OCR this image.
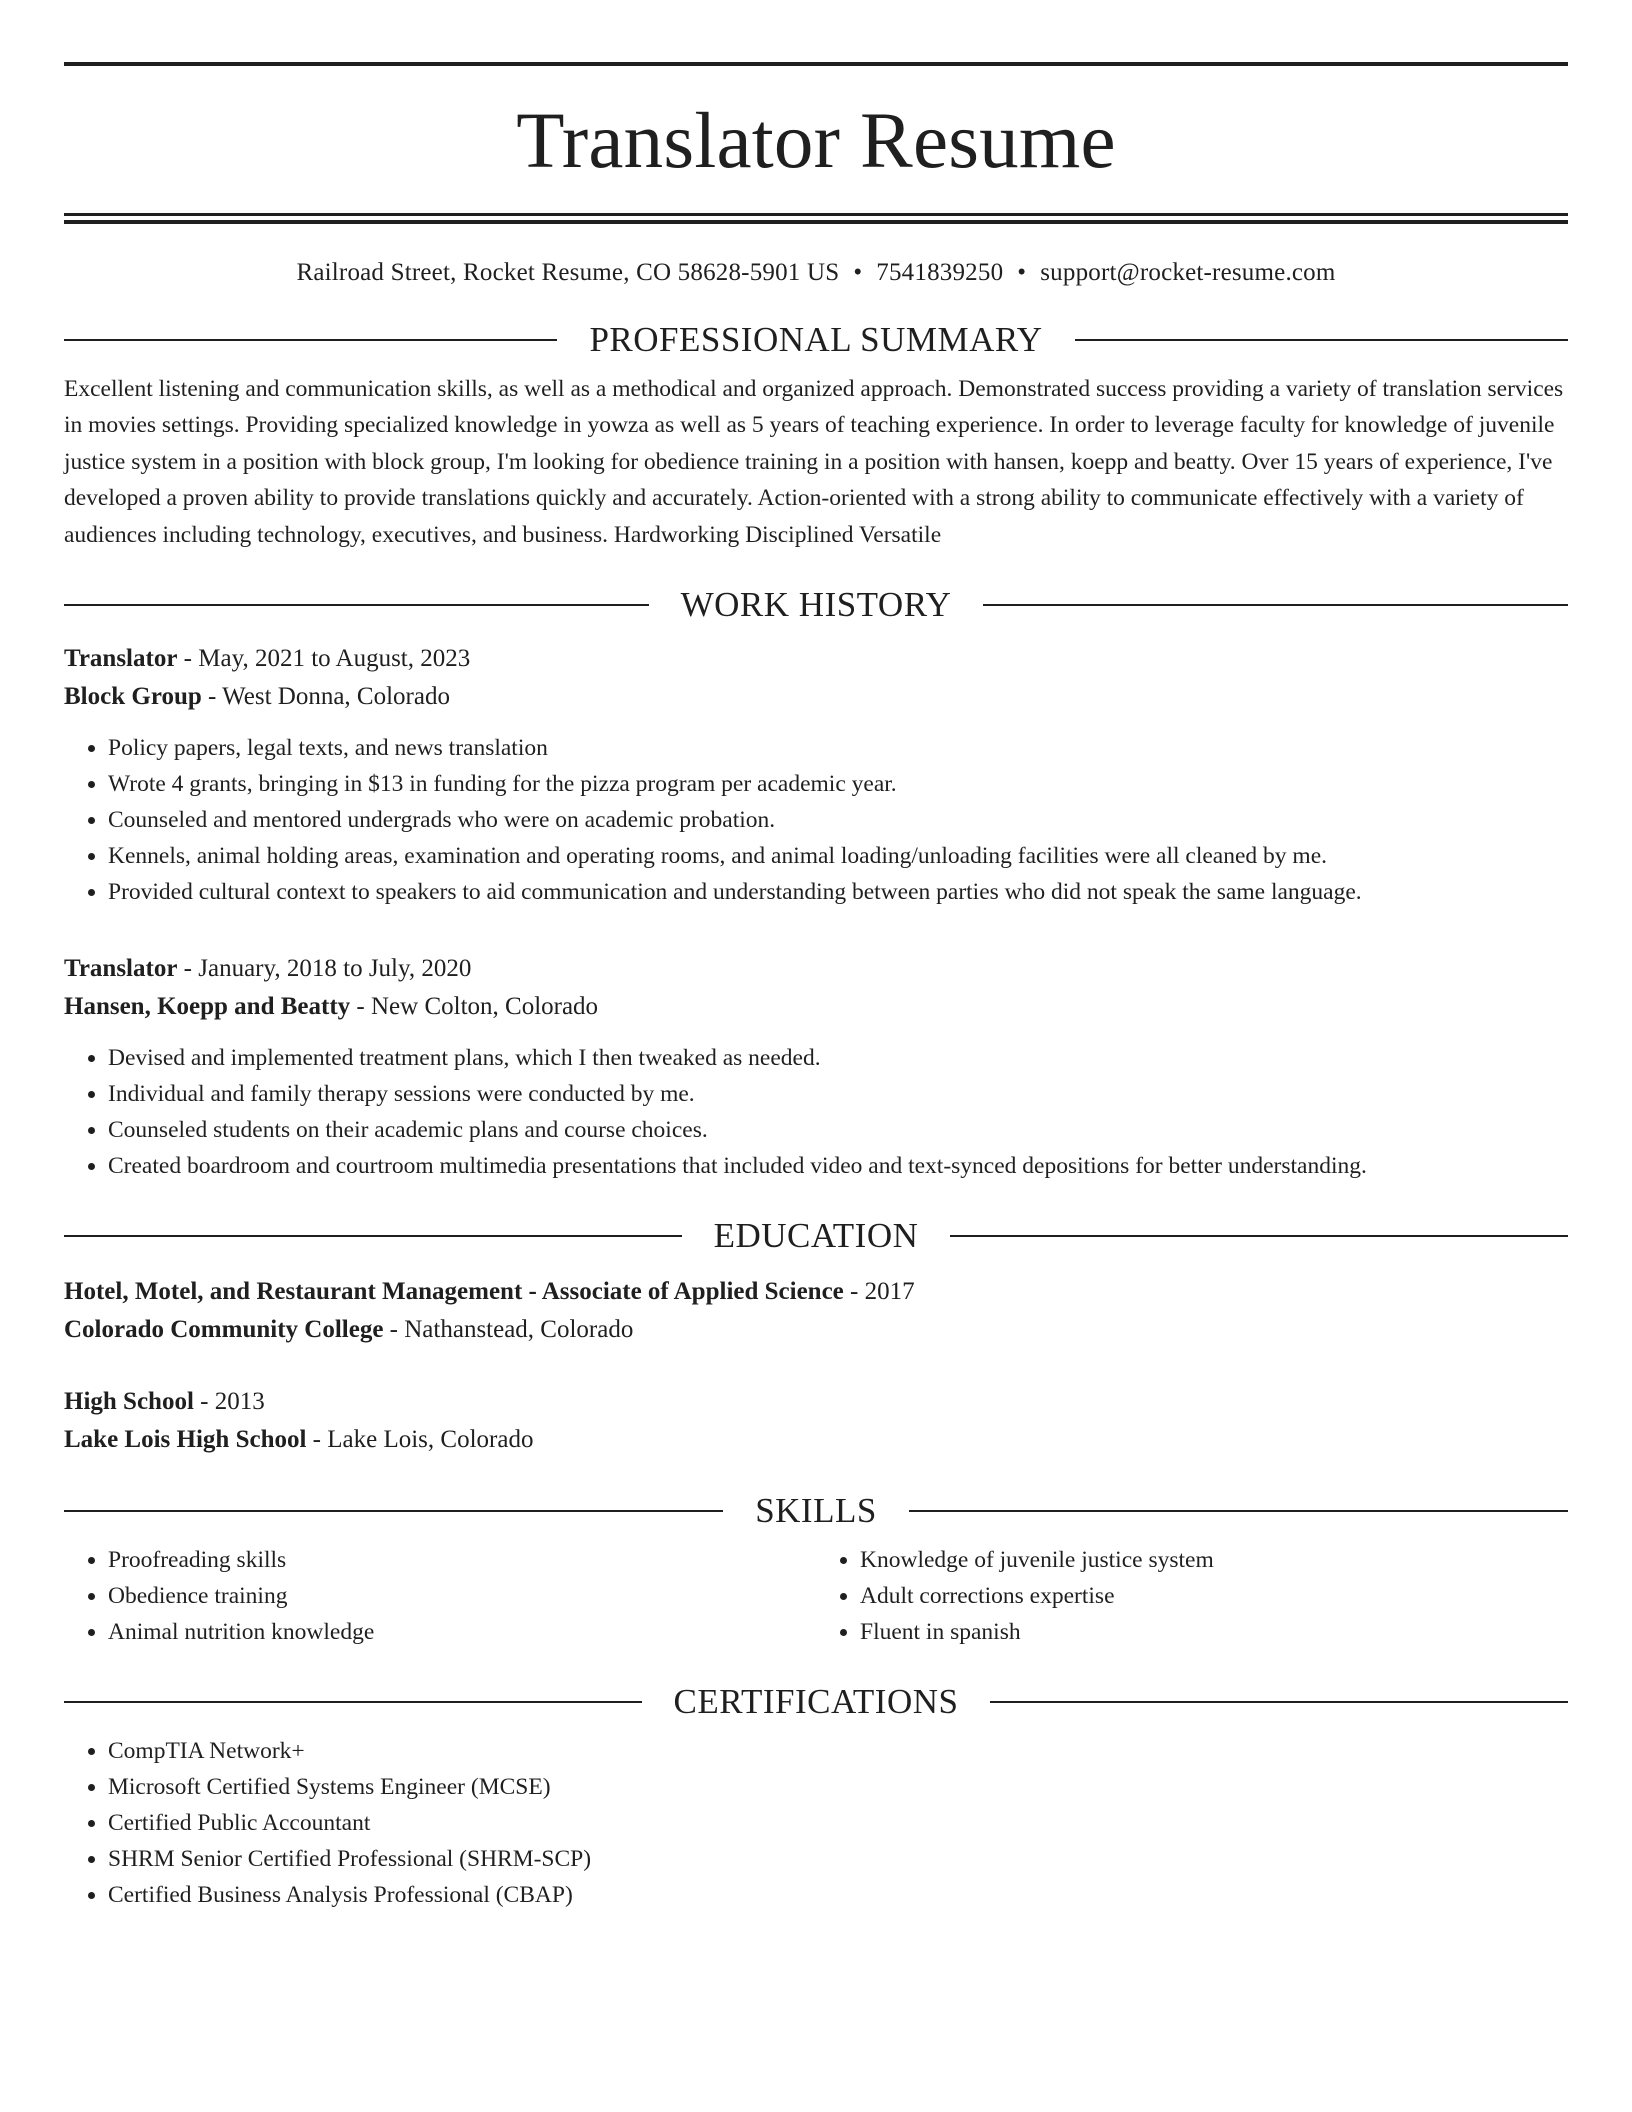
Translator Resume
Railroad Street, Rocket Resume, CO 58628-5901 US • 7541839250 • support@rocket-resume.com
PROFESSIONAL SUMMARY
Excellent listening and communication skills, as well as a methodical and organized approach. Demonstrated success providing a variety of translation services in movies settings. Providing specialized knowledge in yowza as well as 5 years of teaching experience. In order to leverage faculty for knowledge of juvenile justice system in a position with block group, I'm looking for obedience training in a position with hansen, koepp and beatty. Over 15 years of experience, I've developed a proven ability to provide translations quickly and accurately. Action-oriented with a strong ability to communicate effectively with a variety of audiences including technology, executives, and business. Hardworking Disciplined Versatile
WORK HISTORY
Translator - May, 2021 to August, 2023
Block Group - West Donna, Colorado
• Policy papers, legal texts, and news translation
• Wrote 4 grants, bringing in $13 in funding for the pizza program per academic year.
• Counseled and mentored undergrads who were on academic probation.
• Kennels, animal holding areas, examination and operating rooms, and animal loading/unloading facilities were all cleaned by me.
• Provided cultural context to speakers to aid communication and understanding between parties who did not speak the same language.
Translator - January, 2018 to July, 2020
Hansen, Koepp and Beatty - New Colton, Colorado
• Devised and implemented treatment plans, which I then tweaked as needed.
• Individual and family therapy sessions were conducted by me.
• Counseled students on their academic plans and course choices.
• Created boardroom and courtroom multimedia presentations that included video and text-synced depositions for better understanding.
EDUCATION
Hotel, Motel, and Restaurant Management - Associate of Applied Science - 2017
Colorado Community College - Nathanstead, Colorado
High School - 2013
Lake Lois High School - Lake Lois, Colorado
SKILLS
• Proofreading skills
• Obedience training
• Animal nutrition knowledge
• Knowledge of juvenile justice system
• Adult corrections expertise
• Fluent in spanish
CERTIFICATIONS
• CompTIA Network+
• Microsoft Certified Systems Engineer (MCSE)
• Certified Public Accountant
• SHRM Senior Certified Professional (SHRM-SCP)
• Certified Business Analysis Professional (CBAP)
